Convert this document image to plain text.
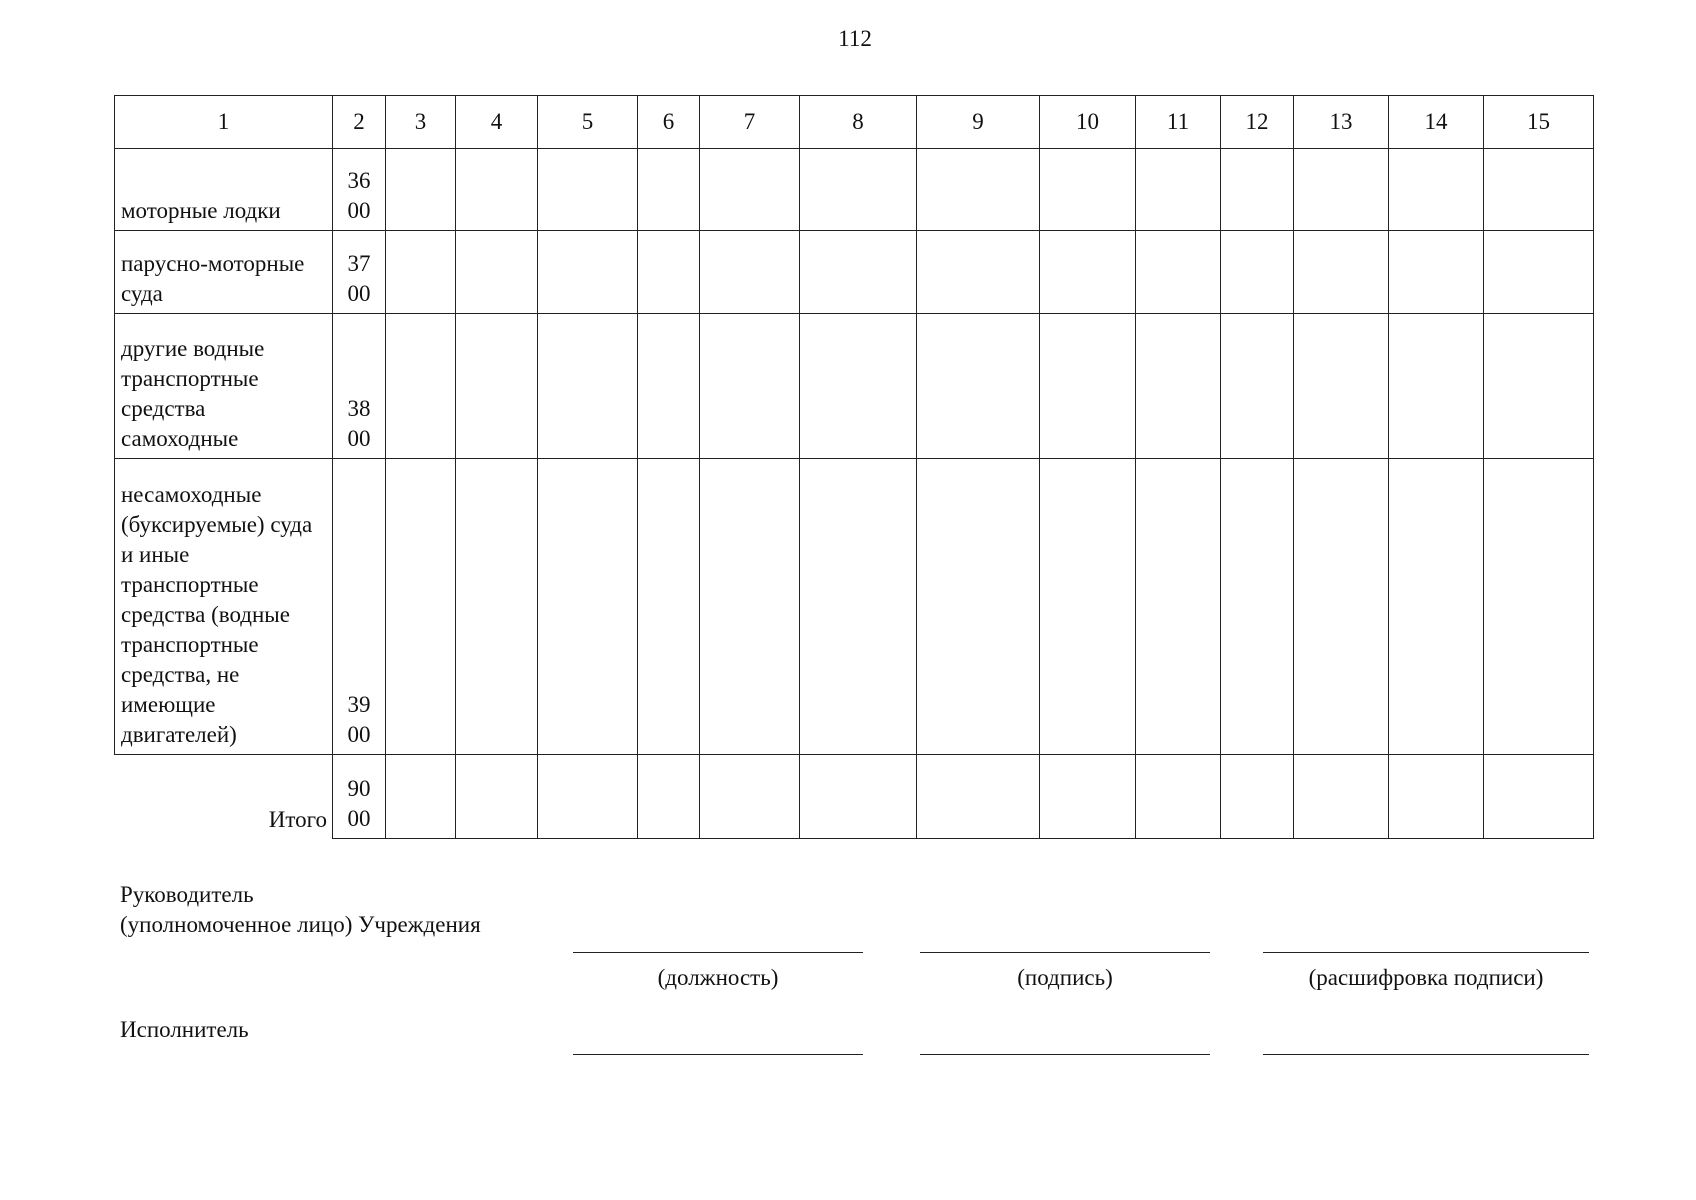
112
1	2	3	4	5	6	7	8	9	10	11	12	13	14	15
моторные лодки	36
00													

парусно-моторные суда	37
00													

другие водные транспортные средства самоходные	38
00													

несамоходные (буксируемые) суда и иные транспортные средства (водные транспортные средства, не имеющие двигателей)	39
00													

Итого	90
00													

Руководитель
(уполномоченное лицо) Учреждения
(должность)	(подпись)	(расшифровка подписи)
Исполнитель
